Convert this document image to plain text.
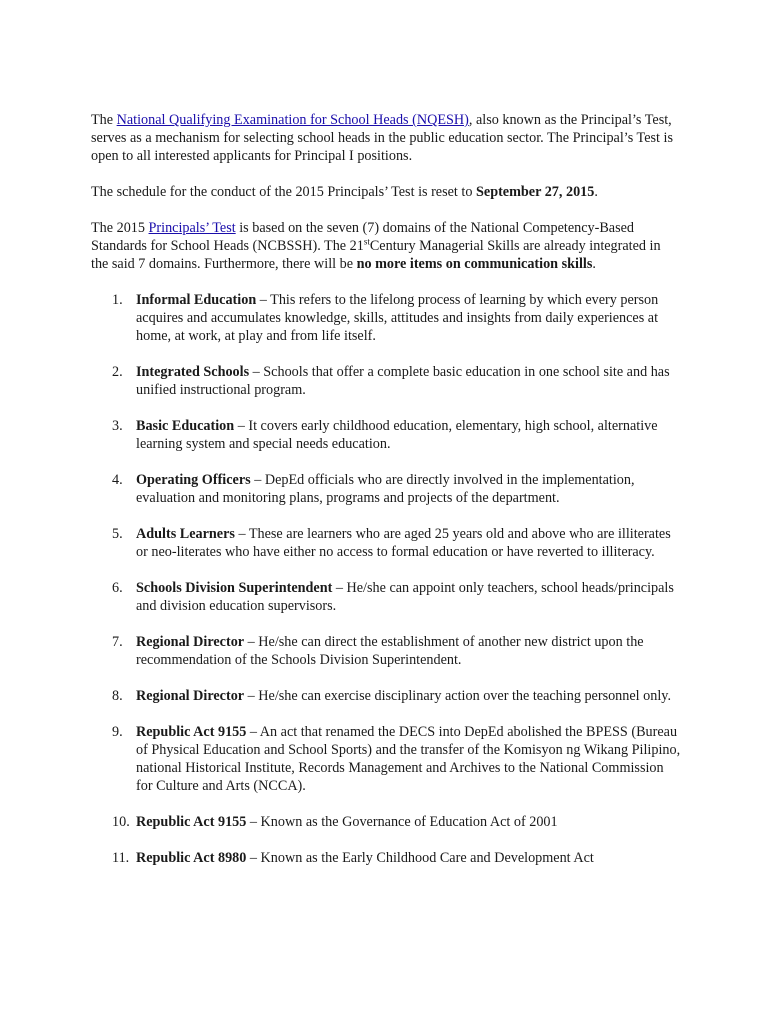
The National Qualifying Examination for School Heads (NQESH), also known as the Principal’s Test, serves as a mechanism for selecting school heads in the public education sector. The Principal’s Test is open to all interested applicants for Principal I positions.

The schedule for the conduct of the 2015 Principals’ Test is reset to September 27, 2015.

The 2015 Principals’ Test is based on the seven (7) domains of the National Competency-Based Standards for School Heads (NCBSSH). The 21stCentury Managerial Skills are already integrated in the said 7 domains. Furthermore, there will be no more items on communication skills.

1. Informal Education – This refers to the lifelong process of learning by which every person acquires and accumulates knowledge, skills, attitudes and insights from daily experiences at home, at work, at play and from life itself.
2. Integrated Schools – Schools that offer a complete basic education in one school site and has unified instructional program.
3. Basic Education – It covers early childhood education, elementary, high school, alternative learning system and special needs education.
4. Operating Officers – DepEd officials who are directly involved in the implementation, evaluation and monitoring plans, programs and projects of the department.
5. Adults Learners – These are learners who are aged 25 years old and above who are illiterates or neo-literates who have either no access to formal education or have reverted to illiteracy.
6. Schools Division Superintendent – He/she can appoint only teachers, school heads/principals and division education supervisors.
7. Regional Director – He/she can direct the establishment of another new district upon the recommendation of the Schools Division Superintendent.
8. Regional Director – He/she can exercise disciplinary action over the teaching personnel only.
9. Republic Act 9155 – An act that renamed the DECS into DepEd abolished the BPESS (Bureau of Physical Education and School Sports) and the transfer of the Komisyon ng Wikang Pilipino, national Historical Institute, Records Management and Archives to the National Commission for Culture and Arts (NCCA).
10. Republic Act 9155 – Known as the Governance of Education Act of 2001
11. Republic Act 8980 – Known as the Early Childhood Care and Development Act
